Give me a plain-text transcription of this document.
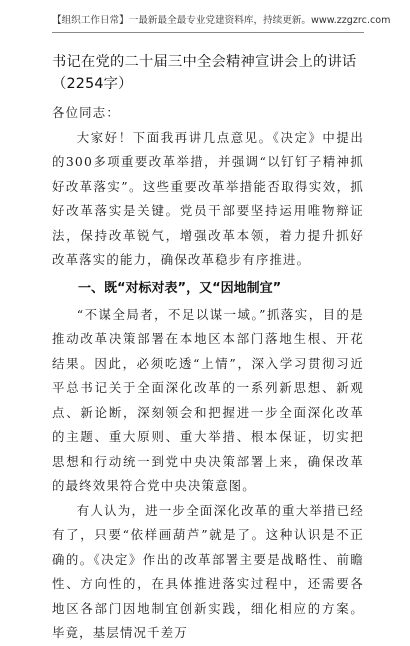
【组织工作日常】一最新最全最专业党建资料库，持续更新。www.zzgzrc.com
书记在党的二十届三中全会精神宣讲会上的讲话（2254字）

各位同志：

大家好！下面我再讲几点意见。《决定》中提出的300多项重要改革举措，并强调“以钉钉子精神抓好改革落实”。这些重要改革举措能否取得实效，抓好改革落实是关键。党员干部要坚持运用唯物辩证法，保持改革锐气，增强改革本领，着力提升抓好改革落实的能力，确保改革稳步有序推进。

一、既“对标对表”，又“因地制宜”

“不谋全局者，不足以谋一域。”抓落实，目的是推动改革决策部署在本地区本部门落地生根、开花结果。因此，必须吃透“上情”，深入学习贯彻习近平总书记关于全面深化改革的一系列新思想、新观点、新论断，深刻领会和把握进一步全面深化改革的主题、重大原则、重大举措、根本保证，切实把思想和行动统一到党中央决策部署上来，确保改革的最终效果符合党中央决策意图。

有人认为，进一步全面深化改革的重大举措已经有了，只要“依样画葫芦”就是了。这种认识是不正确的。《决定》作出的改革部署主要是战略性、前瞻性、方向性的，在具体推进落实过程中，还需要各地区各部门因地制宜创新实践，细化相应的方案。毕竟，基层情况千差万
